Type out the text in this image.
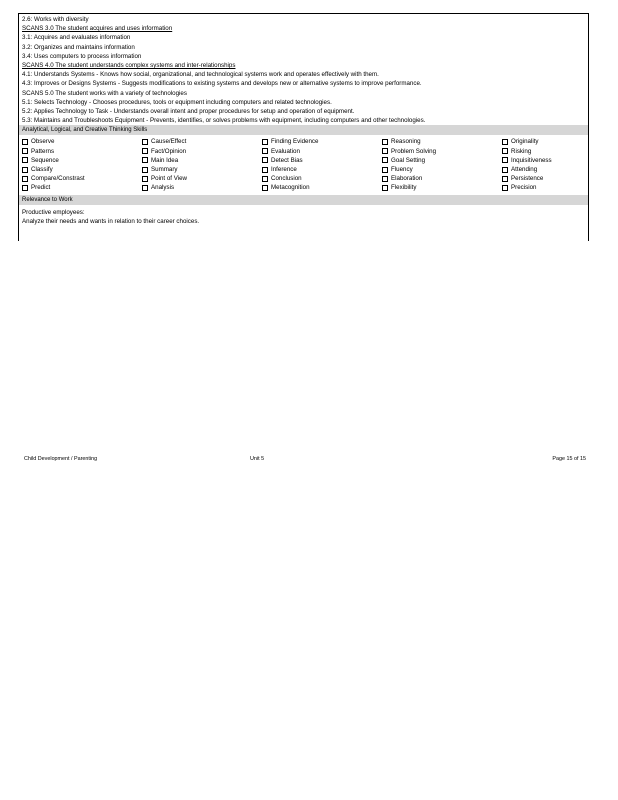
2.6: Works with diversity
SCANS 3.0 The student acquires and uses information
3.1: Acquires and evaluates information
3.2: Organizes and maintains information
3.4: Uses computers to process information
SCANS 4.0 The student understands complex systems and inter-relationships
4.1: Understands Systems - Knows how social, organizational, and technological systems work and operates effectively with them.
4.3: Improves or Designs Systems - Suggests modifications to existing systems and develops new or alternative systems to improve performance.
SCANS 5.0 The student works with a variety of technologies
5.1: Selects Technology - Chooses procedures, tools or equipment including computers and related technologies.
5.2: Applies Technology to Task - Understands overall intent and proper procedures for setup and operation of equipment.
5.3: Maintains and Troubleshoots Equipment - Prevents, identifies, or solves problems with equipment, including computers and other technologies.
Analytical, Logical, and Creative Thinking Skills
Observe
Patterns
Sequence
Classify
Compare/Constrast
Predict
Cause/Effect
Fact/Opinion
Main Idea
Summary
Point of View
Analysis
Finding Evidence
Evaluation
Detect Bias
Inference
Conclusion
Metacognition
Reasoning
Problem Solving
Goal Setting
Fluency
Elaboration
Flexibility
Originality
Risking
Inquisitiveness
Attending
Persistence
Precision
Relevance to Work
Productive employees:
Analyze their needs and wants in relation to their career choices.
Child Development / Parenting	Unit 5	Page 15 of 15
